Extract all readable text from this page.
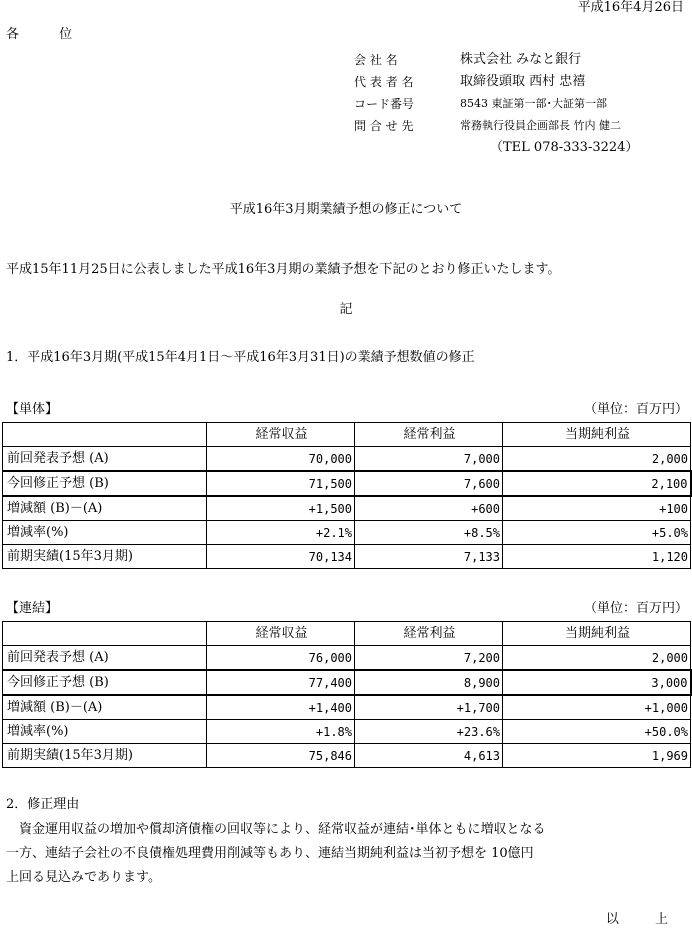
平成16年4月26日
各 位
会 社 名	株式会社 みなと銀行
代 表 者 名	取締役頭取 西村 忠禧
コード番号	8543 東証第一部･大証第一部
問 合 せ 先	常務執行役員企画部長 竹内 健二
（TEL 078-333-3224）
平成16年3月期業績予想の修正について
平成15年11月25日に公表しました平成16年3月期の業績予想を下記のとおり修正いたします。
記
1．平成16年3月期(平成15年4月1日～平成16年3月31日)の業績予想数値の修正
【単体】	（単位：百万円）
	経常収益	経常利益	当期純利益
前回発表予想 (A)	70,000	7,000	2,000
今回修正予想 (B)	71,500	7,600	2,100
増減額 (B)－(A)	+1,500	+600	+100
増減率(%)	+2.1%	+8.5%	+5.0%
前期実績(15年3月期)	70,134	7,133	1,120
【連結】	（単位：百万円）
	経常収益	経常利益	当期純利益
前回発表予想 (A)	76,000	7,200	2,000
今回修正予想 (B)	77,400	8,900	3,000
増減額 (B)－(A)	+1,400	+1,700	+1,000
増減率(%)	+1.8%	+23.6%	+50.0%
前期実績(15年3月期)	75,846	4,613	1,969
2．修正理由
　資金運用収益の増加や償却済債権の回収等により、経常収益が連結･単体ともに増収となる
一方、連結子会社の不良債権処理費用削減等もあり、連結当期純利益は当初予想を 10億円
上回る見込みであります。
以 上
